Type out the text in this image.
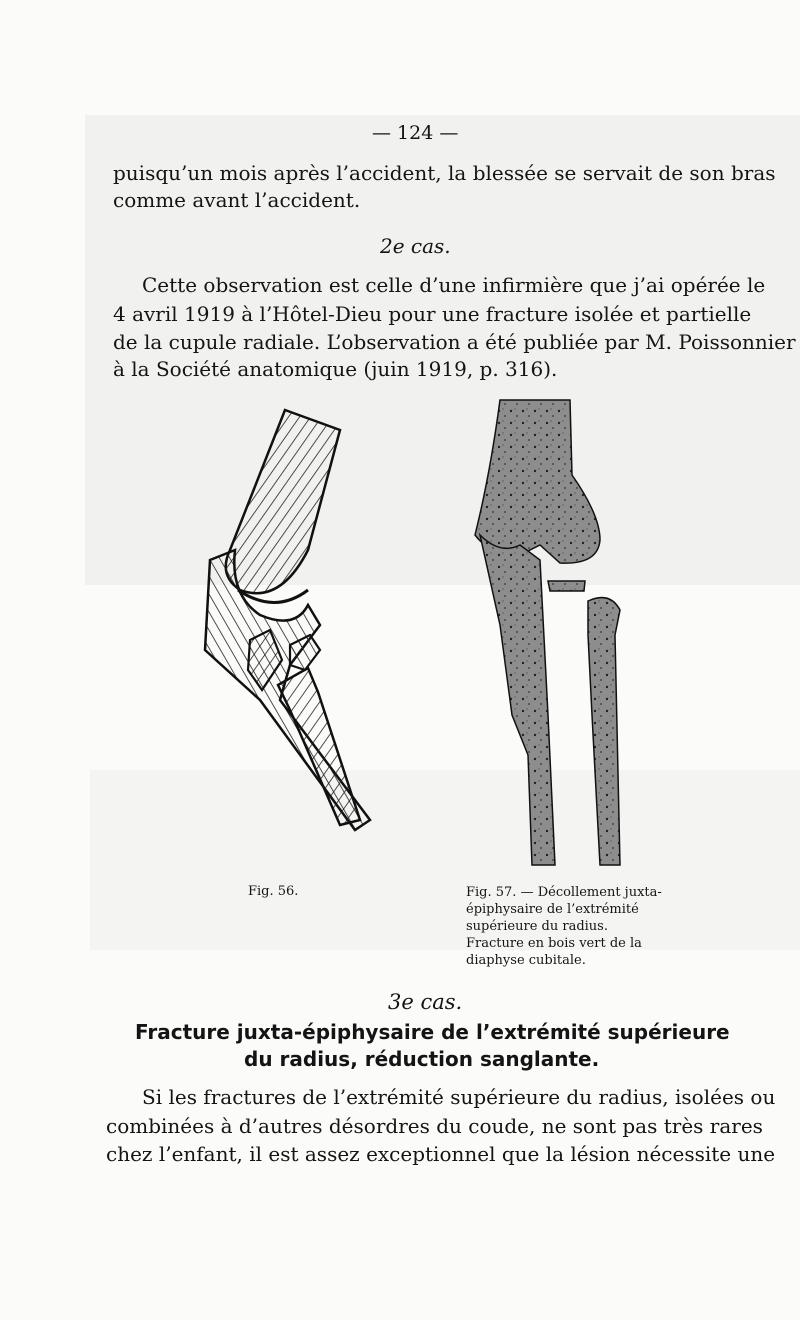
— 124 —
puisqu’un mois après l’accident, la blessée se servait de son bras
comme avant l’accident.
2e cas.
Cette observation est celle d’une infirmière que j’ai opérée le
4 avril 1919 à l’Hôtel-Dieu pour une fracture isolée et partielle
de la cupule radiale. L’observation a été publiée par M. Poissonnier
à la Société anatomique (juin 1919, p. 316).
Fig. 56.	Fig. 57. — Décollement juxta-épiphysaire de l’extrémité supérieure du radius. Fracture en bois vert de la diaphyse cubitale.
3e cas.
Fracture juxta-épiphysaire de l’extrémité supérieure
du radius, réduction sanglante.
Si les fractures de l’extrémité supérieure du radius, isolées ou
combinées à d’autres désordres du coude, ne sont pas très rares
chez l’enfant, il est assez exceptionnel que la lésion nécessite une
